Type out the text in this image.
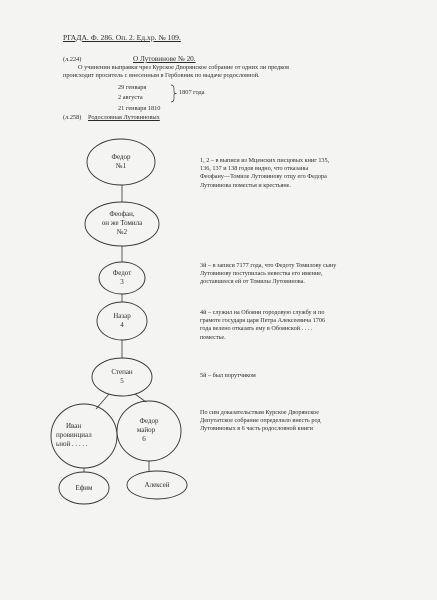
РГАДА. Ф. 286. Оп. 2. Ед.хр. № 109.
(л.224)	О Лутовинове № 20.
О учинении выправки чрез Курское Дворянское собрание от одних ли предков
происходит проситель с внесенным в Гербовник по выдаче родословной.
29 генваря
2 августа
1807 года
21 генваря 1810
(л.258) Родословная Лутовиновых
Федор
№1
Феофан,
он же Томила
№2
Федот
3
Назар
4
Степан
5
Иван
провинциал
ьной . . . . .
Федор
майор
6
Ефим	Алексей
1, 2 – в выписи из Мценских писцовых книг 135,
136, 137 и 138 годов видно, что отказаны
Феофану—Томиле Лутовинову отцу его Федора
Лутовинова поместья и крестьяне.
3й – в записи 7177 года, что Федоту Томилову сыну
Лутовинову поступилась невестка его имение,
доставшееся ей от Томилы Лутовинова.
4й – служил на Обояни городовую службу и по
грамоте государя царя Петра Алексеевича 1706
года велено отказать ему в Обоянской . . . .
поместье.
5й – был порутчиком
По сим доказательствам Курское Дворянское
Депутатское собрание определило внесть род
Лутовиновых в 6 часть родословной книги
